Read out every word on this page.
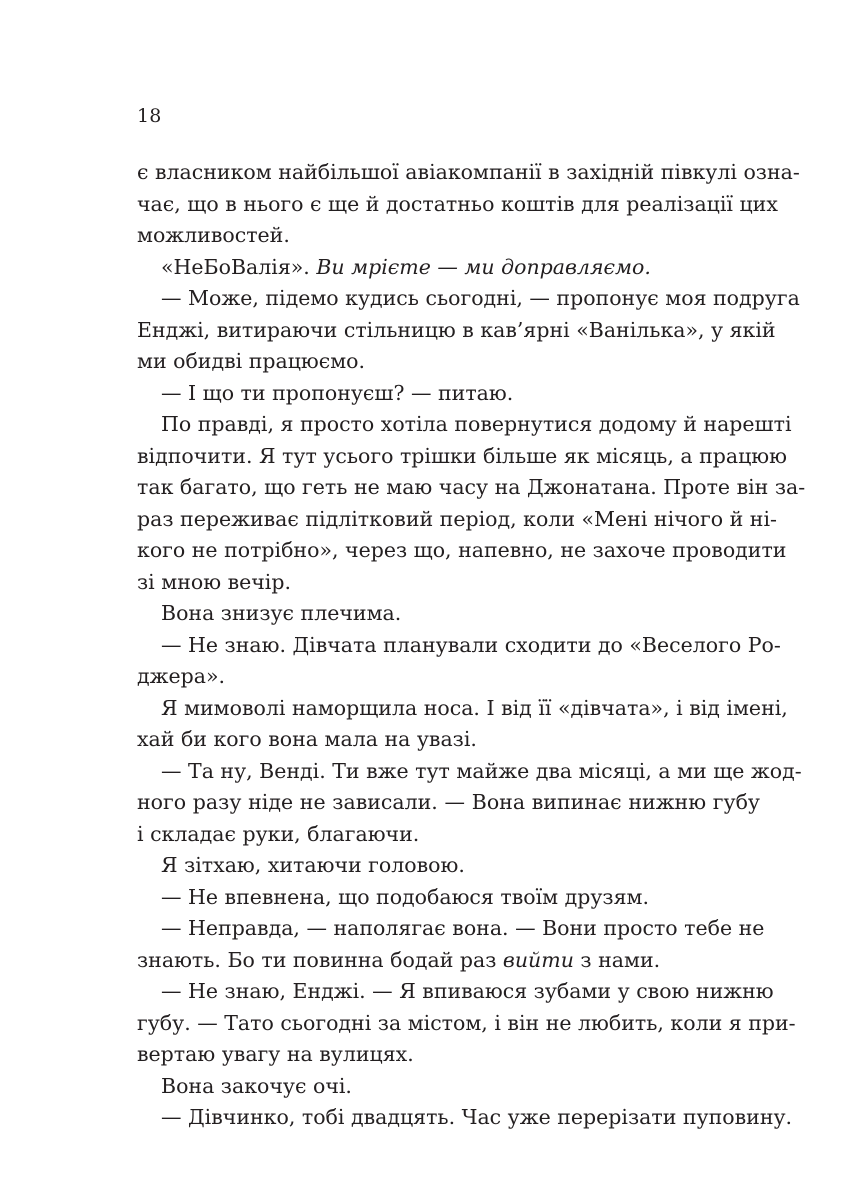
18
є власником найбільшої авіакомпанії в західній півкулі озна-
чає, що в нього є ще й достатньо коштів для реалізації цих
можливостей.
«НеБоВалія». Ви мрієте — ми доправляємо.
— Може, підемо кудись сьогодні, — пропонує моя подруга
Енджі, витираючи стільницю в кав’ярні «Ванілька», у якій
ми обидві працюємо.
— І що ти пропонуєш? — питаю.
По правді, я просто хотіла повернутися додому й нарешті
відпочити. Я тут усього трішки більше як місяць, а працюю
так багато, що геть не маю часу на Джонатана. Проте він за-
раз переживає підлітковий період, коли «Мені нічого й ні-
кого не потрібно», через що, напевно, не захоче проводити
зі мною вечір.
Вона знизує плечима.
— Не знаю. Дівчата планували сходити до «Веселого Ро-
джера».
Я мимоволі наморщила носа. І від її «дівчата», і від імені,
хай би кого вона мала на увазі.
— Та ну, Венді. Ти вже тут майже два місяці, а ми ще жод-
ного разу ніде не зависали. — Вона випинає нижню губу
і складає руки, благаючи.
Я зітхаю, хитаючи головою.
— Не впевнена, що подобаюся твоїм друзям.
— Неправда, — наполягає вона. — Вони просто тебе не
знають. Бо ти повинна бодай раз вийти з нами.
— Не знаю, Енджі. — Я впиваюся зубами у свою нижню
губу. — Тато сьогодні за містом, і він не любить, коли я при-
вертаю увагу на вулицях.
Вона закочує очі.
— Дівчинко, тобі двадцять. Час уже перерізати пуповину.
